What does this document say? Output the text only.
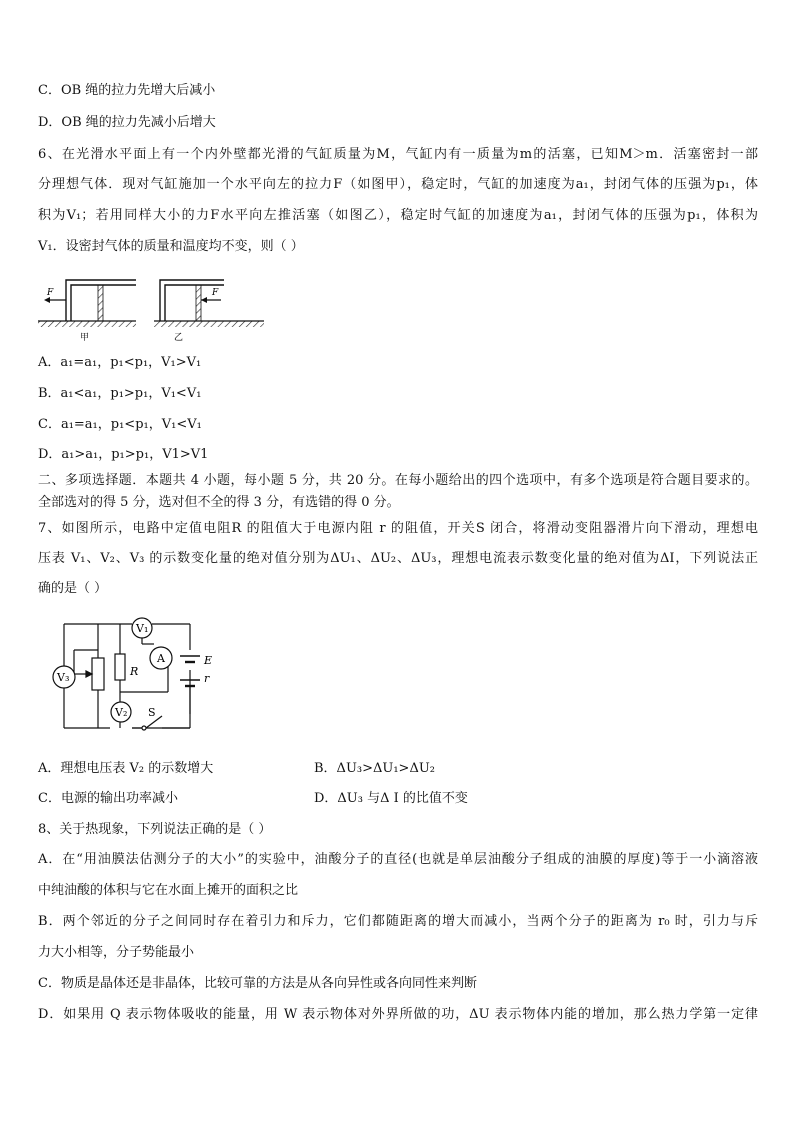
C．OB 绳的拉力先增大后减小
D．OB 绳的拉力先减小后增大
6、在光滑水平面上有一个内外壁都光滑的气缸质量为M，气缸内有一质量为m的活塞，已知M＞m．活塞密封一部
分理想气体．现对气缸施加一个水平向左的拉力F（如图甲），稳定时，气缸的加速度为a₁，封闭气体的压强为p₁，体
积为V₁；若用同样大小的力F水平向左推活塞（如图乙），稳定时气缸的加速度为a₁，封闭气体的压强为p₁，体积为
V₁．设密封气体的质量和温度均不变，则（ ）
F
甲
F
乙
A．a₁=a₁，p₁<p₁，V₁>V₁
B．a₁<a₁，p₁>p₁，V₁<V₁
C．a₁=a₁，p₁<p₁，V₁<V₁
D．a₁>a₁，p₁>p₁，V1>V1
二、多项选择题．本题共 4 小题，每小题 5 分，共 20 分。在每小题给出的四个选项中，有多个选项是符合题目要求的。
全部选对的得 5 分，选对但不全的得 3 分，有选错的得 0 分。
7、如图所示，电路中定值电阻R 的阻值大于电源内阻 r 的阻值，开关S 闭合，将滑动变阻器滑片向下滑动，理想电
压表 V₁、V₂、V₃ 的示数变化量的绝对值分别为ΔU₁、ΔU₂、ΔU₃，理想电流表示数变化量的绝对值为ΔI，下列说法正
确的是（ ）
V₁
A
V₃
V₂
R
E
r
S
A．理想电压表 V₂ 的示数增大	B．ΔU₃>ΔU₁>ΔU₂
C．电源的输出功率减小	D．ΔU₃ 与Δ I 的比值不变
8、关于热现象，下列说法正确的是（ ）
A．在“用油膜法估测分子的大小”的实验中，油酸分子的直径(也就是单层油酸分子组成的油膜的厚度)等于一小滴溶液
中纯油酸的体积与它在水面上摊开的面积之比
B．两个邻近的分子之间同时存在着引力和斥力，它们都随距离的增大而减小，当两个分子的距离为 r₀ 时，引力与斥
力大小相等，分子势能最小
C．物质是晶体还是非晶体，比较可靠的方法是从各向异性或各向同性来判断
D．如果用 Q 表示物体吸收的能量，用 W 表示物体对外界所做的功，ΔU 表示物体内能的增加，那么热力学第一定律
